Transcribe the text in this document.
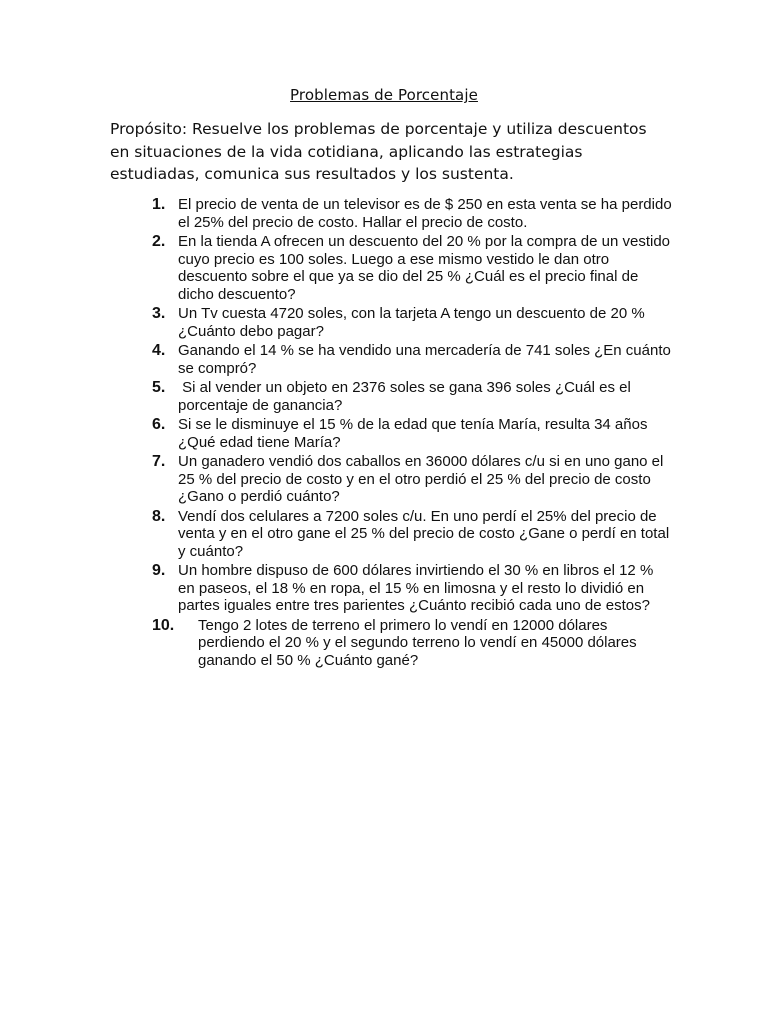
Problemas de Porcentaje
Propósito: Resuelve los problemas de porcentaje y utiliza descuentos en situaciones de la vida cotidiana, aplicando las estrategias estudiadas, comunica sus resultados y los sustenta.
1. El precio de venta de un televisor es de $ 250 en esta venta se ha perdido el 25% del precio de costo. Hallar el precio de costo.
2. En la tienda A ofrecen un descuento del 20 % por la compra de un vestido cuyo precio es 100 soles. Luego a ese mismo vestido le dan otro descuento sobre el que ya se dio del 25 % ¿Cuál es el precio final de dicho descuento?
3. Un Tv cuesta 4720 soles, con la tarjeta A tengo un descuento de 20 % ¿Cuánto debo pagar?
4. Ganando el 14 % se ha vendido una mercadería de 741 soles ¿En cuánto se compró?
5. Si al vender un objeto en 2376 soles se gana 396 soles ¿Cuál es el porcentaje de ganancia?
6. Si se le disminuye el 15 % de la edad que tenía María, resulta 34 años ¿Qué edad tiene María?
7. Un ganadero vendió dos caballos en 36000 dólares c/u si en uno gano el 25 % del precio de costo y en el otro perdió el 25 % del precio de costo ¿Gano o perdió cuánto?
8. Vendí dos celulares a 7200 soles c/u. En uno perdí el 25% del precio de venta y en el otro gane el 25 % del precio de costo ¿Gane o perdí en total y cuánto?
9. Un hombre dispuso de 600 dólares invirtiendo el 30 % en libros el 12 % en paseos, el 18 % en ropa, el 15 % en limosna y el resto lo dividió en partes iguales entre tres parientes ¿Cuánto recibió cada uno de estos?
10.	Tengo 2 lotes de terreno el primero lo vendí en 12000 dólares perdiendo el 20 % y el segundo terreno lo vendí en 45000 dólares ganando el 50 % ¿Cuánto gané?
